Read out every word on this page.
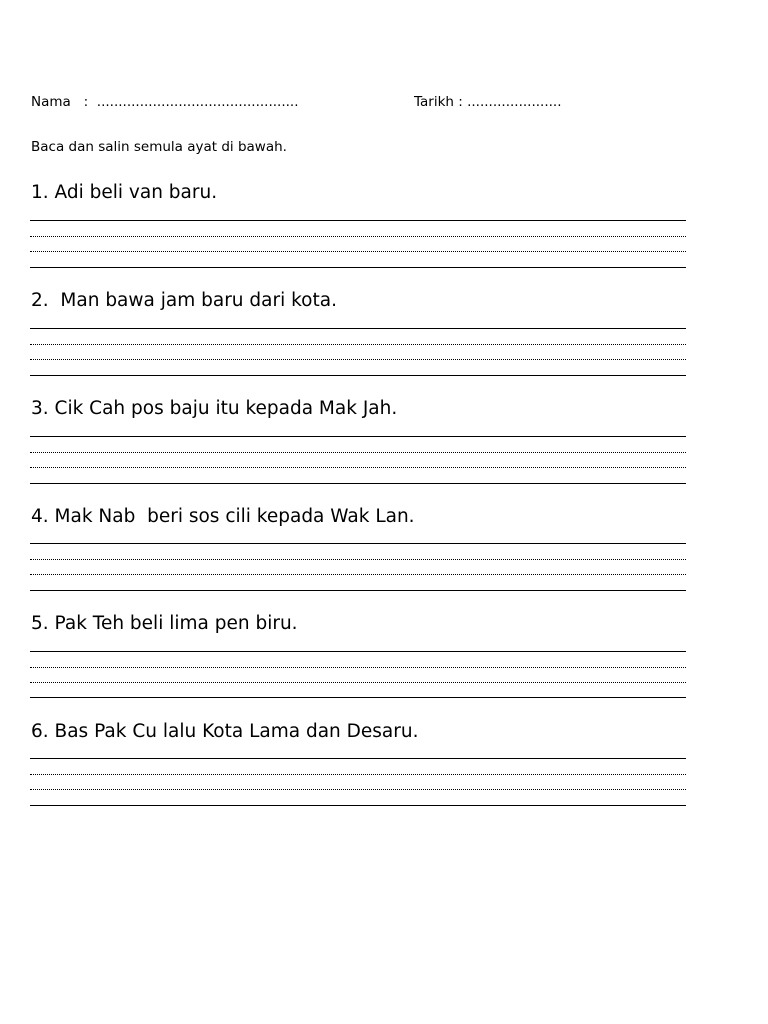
Nama   :  ...............................................

	Tarikh : ......................

Baca dan salin semula ayat di bawah.
1. Adi beli van baru.
2.  Man bawa jam baru dari kota.
3. Cik Cah pos baju itu kepada Mak Jah.
4. Mak Nab  beri sos cili kepada Wak Lan.
5. Pak Teh beli lima pen biru.
6. Bas Pak Cu lalu Kota Lama dan Desaru.
